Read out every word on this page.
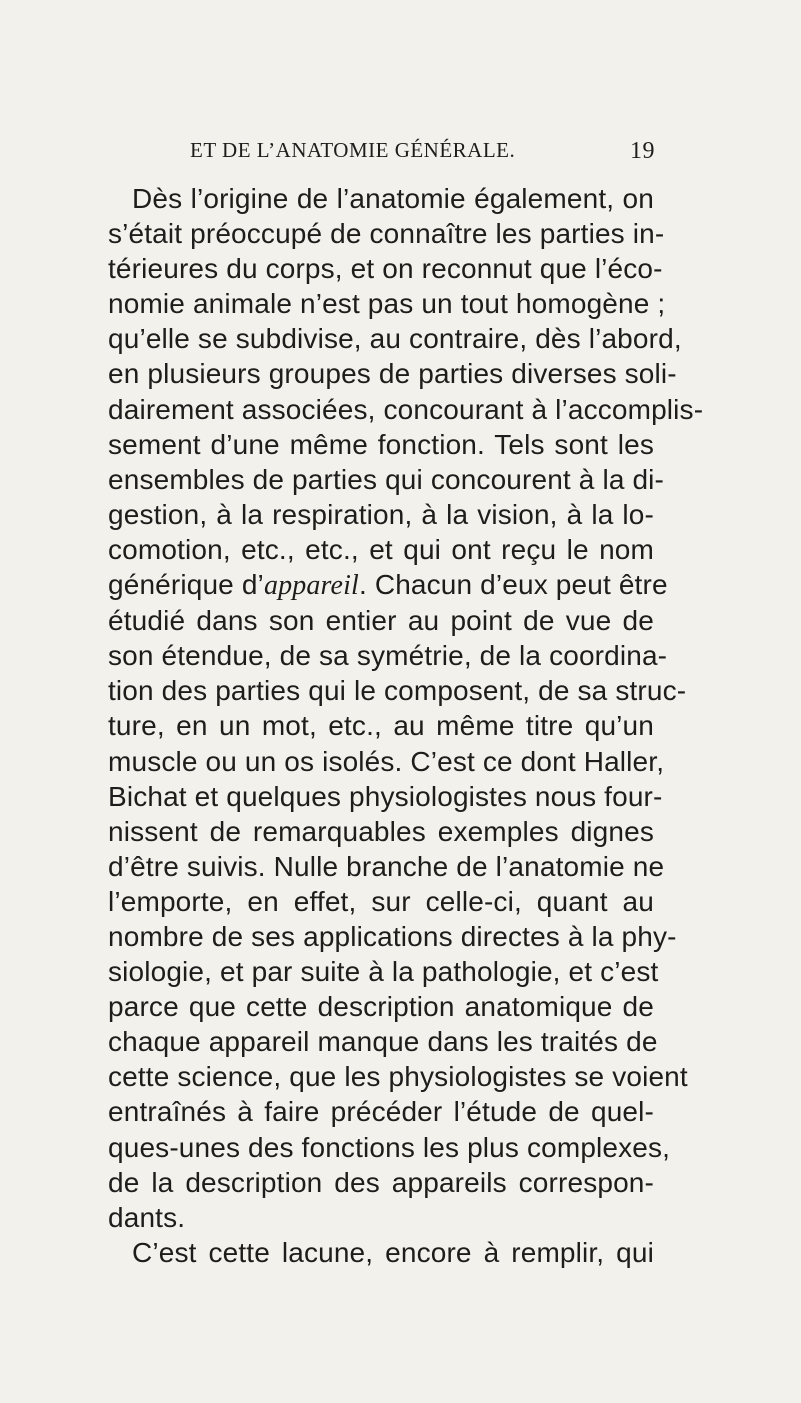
ET DE L’ANATOMIE GÉNÉRALE.	19
Dès l’origine de l’anatomie également, on
s’était préoccupé de connaître les parties in-
térieures du corps, et on reconnut que l’éco-
nomie animale n’est pas un tout homogène ;
qu’elle se subdivise, au contraire, dès l’abord,
en plusieurs groupes de parties diverses soli-
dairement associées, concourant à l’accomplis-
sement d’une même fonction. Tels sont les
ensembles de parties qui concourent à la di-
gestion, à la respiration, à la vision, à la lo-
comotion, etc., etc., et qui ont reçu le nom
générique d’appareil. Chacun d’eux peut être
étudié dans son entier au point de vue de
son étendue, de sa symétrie, de la coordina-
tion des parties qui le composent, de sa struc-
ture, en un mot, etc., au même titre qu’un
muscle ou un os isolés. C’est ce dont Haller,
Bichat et quelques physiologistes nous four-
nissent de remarquables exemples dignes
d’être suivis. Nulle branche de l’anatomie ne
l’emporte, en effet, sur celle-ci, quant au
nombre de ses applications directes à la phy-
siologie, et par suite à la pathologie, et c’est
parce que cette description anatomique de
chaque appareil manque dans les traités de
cette science, que les physiologistes se voient
entraînés à faire précéder l’étude de quel-
ques-unes des fonctions les plus complexes,
de la description des appareils correspon-
dants.
C’est cette lacune, encore à remplir, qui
